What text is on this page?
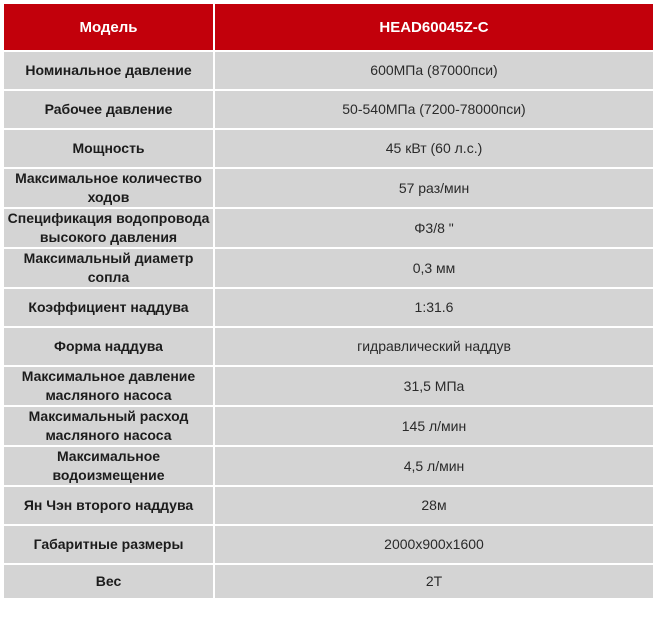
Модель	HEAD60045Z-C
Номинальное давление	600МПа (87000пси)
Рабочее давление	50-540МПа (7200-78000пси)
Мощность	45 кВт (60 л.с.)
Максимальное количество ходов	57 раз/мин
Спецификация водопровода высокого давления	Φ3/8 "
Максимальный диаметр сопла	0,3 мм
Коэффициент наддува	1:31.6
Форма наддува	гидравлический наддув
Максимальное давление масляного насоса	31,5 МПа
Максимальный расход масляного насоса	145 л/мин
Максимальное водоизмещение	4,5 л/мин
Ян Чэн второго наддува	28м
Габаритные размеры	2000x900x1600
Вес	2T
